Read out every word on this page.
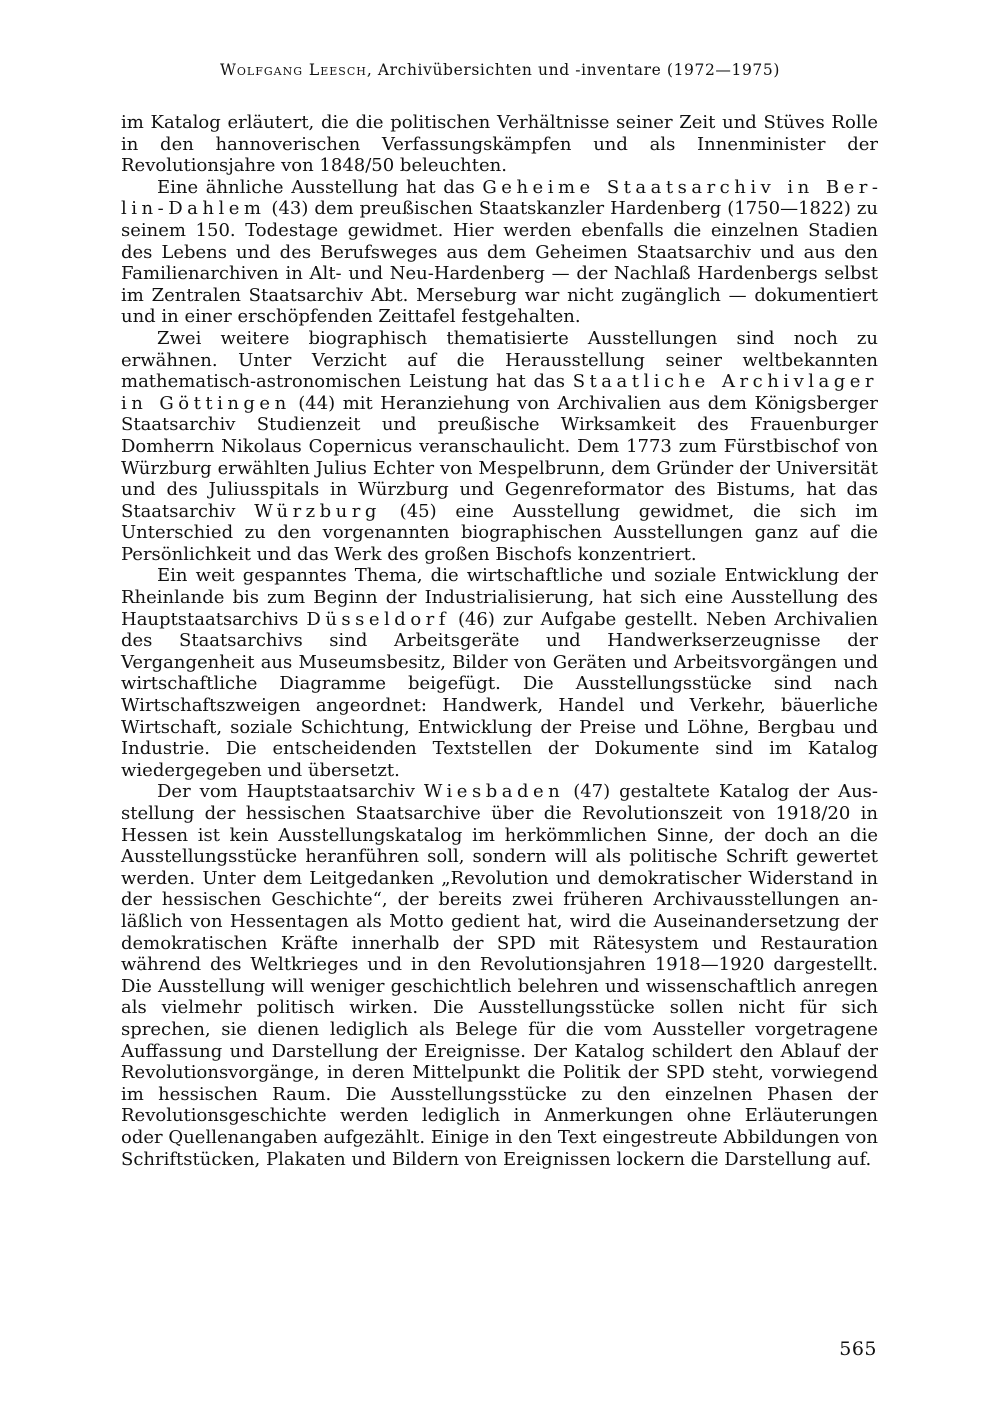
Wolfgang Leesch, Archivübersichten und -inventare (1972—1975)

im Katalog erläutert, die die politischen Verhältnisse seiner Zeit und Stüves Rolle in den hannoverischen Verfassungskämpfen und als Innenminister der Revolutionsjahre von 1848/50 beleuchten.

Eine ähnliche Ausstellung hat das Geheime Staatsarchiv in Berlin-Dahlem (43) dem preußischen Staatskanzler Hardenberg (1750—1822) zu seinem 150. Todestage gewidmet. Hier werden ebenfalls die einzelnen Stadien des Lebens und des Berufsweges aus dem Geheimen Staatsarchiv und aus den Familienarchiven in Alt- und Neu-Hardenberg — der Nachlaß Hardenbergs selbst im Zentralen Staatsarchiv Abt. Merseburg war nicht zugänglich — dokumentiert und in einer erschöpfenden Zeittafel festgehalten.

Zwei weitere biographisch thematisierte Ausstellungen sind noch zu erwähnen. Unter Verzicht auf die Herausstellung seiner weltbekannten mathematisch-astronomischen Leistung hat das Staatliche Archivlager in Göttingen (44) mit Heranziehung von Archivalien aus dem Königsberger Staatsarchiv Studienzeit und preußische Wirksamkeit des Frauenburger Domherrn Nikolaus Copernicus veranschaulicht. Dem 1773 zum Fürstbischof von Würzburg erwählten Julius Echter von Mespelbrunn, dem Gründer der Universität und des Juliusspitals in Würzburg und Gegenreformator des Bistums, hat das Staatsarchiv Würzburg (45) eine Ausstellung gewidmet, die sich im Unterschied zu den vorgenannten biographischen Ausstellungen ganz auf die Persönlichkeit und das Werk des großen Bischofs konzentriert.

Ein weit gespanntes Thema, die wirtschaftliche und soziale Entwicklung der Rheinlande bis zum Beginn der Industrialisierung, hat sich eine Ausstellung des Hauptstaatsarchivs Düsseldorf (46) zur Aufgabe gestellt. Neben Archivalien des Staatsarchivs sind Arbeitsgeräte und Handwerkserzeugnisse der Vergangenheit aus Museumsbesitz, Bilder von Geräten und Arbeitsvorgängen und wirtschaftliche Diagramme beigefügt. Die Ausstellungsstücke sind nach Wirtschaftszweigen angeordnet: Handwerk, Handel und Verkehr, bäuerliche Wirtschaft, soziale Schichtung, Entwicklung der Preise und Löhne, Bergbau und Industrie. Die entscheidenden Textstellen der Dokumente sind im Katalog wiedergegeben und übersetzt.

Der vom Hauptstaatsarchiv Wiesbaden (47) gestaltete Katalog der Ausstellung der hessischen Staatsarchive über die Revolutionszeit von 1918/20 in Hessen ist kein Ausstellungskatalog im herkömmlichen Sinne, der doch an die Ausstellungsstücke heranführen soll, sondern will als politische Schrift gewertet werden. Unter dem Leitgedanken „Revolution und demokratischer Widerstand in der hessischen Geschichte“, der bereits zwei früheren Archivausstellungen anläßlich von Hessentagen als Motto gedient hat, wird die Auseinandersetzung der demokratischen Kräfte innerhalb der SPD mit Rätesystem und Restauration während des Weltkrieges und in den Revolutionsjahren 1918—1920 dargestellt. Die Ausstellung will weniger geschichtlich belehren und wissenschaftlich anregen als vielmehr politisch wirken. Die Ausstellungsstücke sollen nicht für sich sprechen, sie dienen lediglich als Belege für die vom Aussteller vorgetragene Auffassung und Darstellung der Ereignisse. Der Katalog schildert den Ablauf der Revolutionsvorgänge, in deren Mittelpunkt die Politik der SPD steht, vorwiegend im hessischen Raum. Die Ausstellungsstücke zu den einzelnen Phasen der Revolutionsgeschichte werden lediglich in Anmerkungen ohne Erläuterungen oder Quellenangaben aufgezählt. Einige in den Text eingestreute Abbildungen von Schriftstücken, Plakaten und Bildern von Ereignissen lockern die Darstellung auf.

565
